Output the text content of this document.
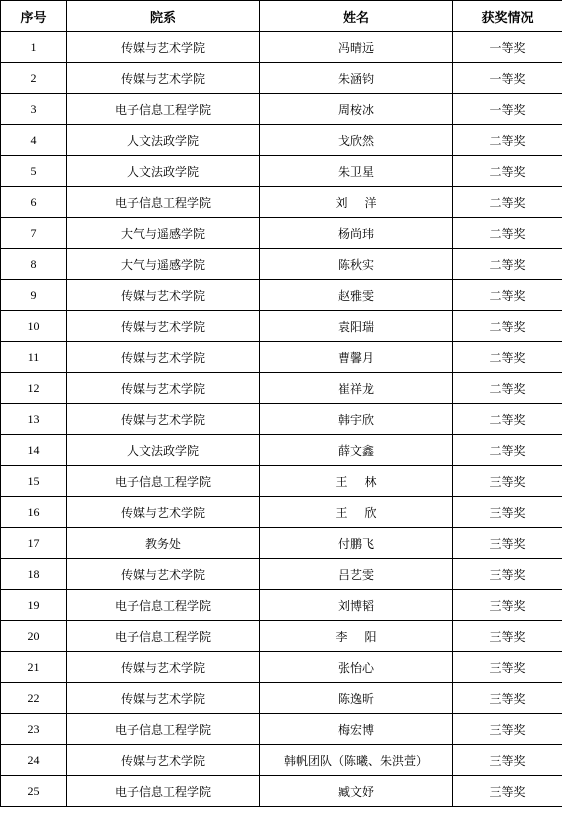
序号	院系	姓名	获奖情况
1	传媒与艺术学院	冯晴远	一等奖
2	传媒与艺术学院	朱涵钧	一等奖
3	电子信息工程学院	周桉冰	一等奖
4	人文法政学院	戈欣然	二等奖
5	人文法政学院	朱卫星	二等奖
6	电子信息工程学院	刘 洋	二等奖
7	大气与遥感学院	杨尚玮	二等奖
8	大气与遥感学院	陈秋实	二等奖
9	传媒与艺术学院	赵雅雯	二等奖
10	传媒与艺术学院	袁阳瑞	二等奖
11	传媒与艺术学院	曹馨月	二等奖
12	传媒与艺术学院	崔祥龙	二等奖
13	传媒与艺术学院	韩宇欣	二等奖
14	人文法政学院	薛文鑫	二等奖
15	电子信息工程学院	王 林	三等奖
16	传媒与艺术学院	王 欣	三等奖
17	教务处	付鹏飞	三等奖
18	传媒与艺术学院	吕艺雯	三等奖
19	电子信息工程学院	刘博韬	三等奖
20	电子信息工程学院	李 阳	三等奖
21	传媒与艺术学院	张怡心	三等奖
22	传媒与艺术学院	陈逸昕	三等奖
23	电子信息工程学院	梅宏博	三等奖
24	传媒与艺术学院	韩帆团队（陈曦、朱洪萱）	三等奖
25	电子信息工程学院	臧文妤	三等奖
